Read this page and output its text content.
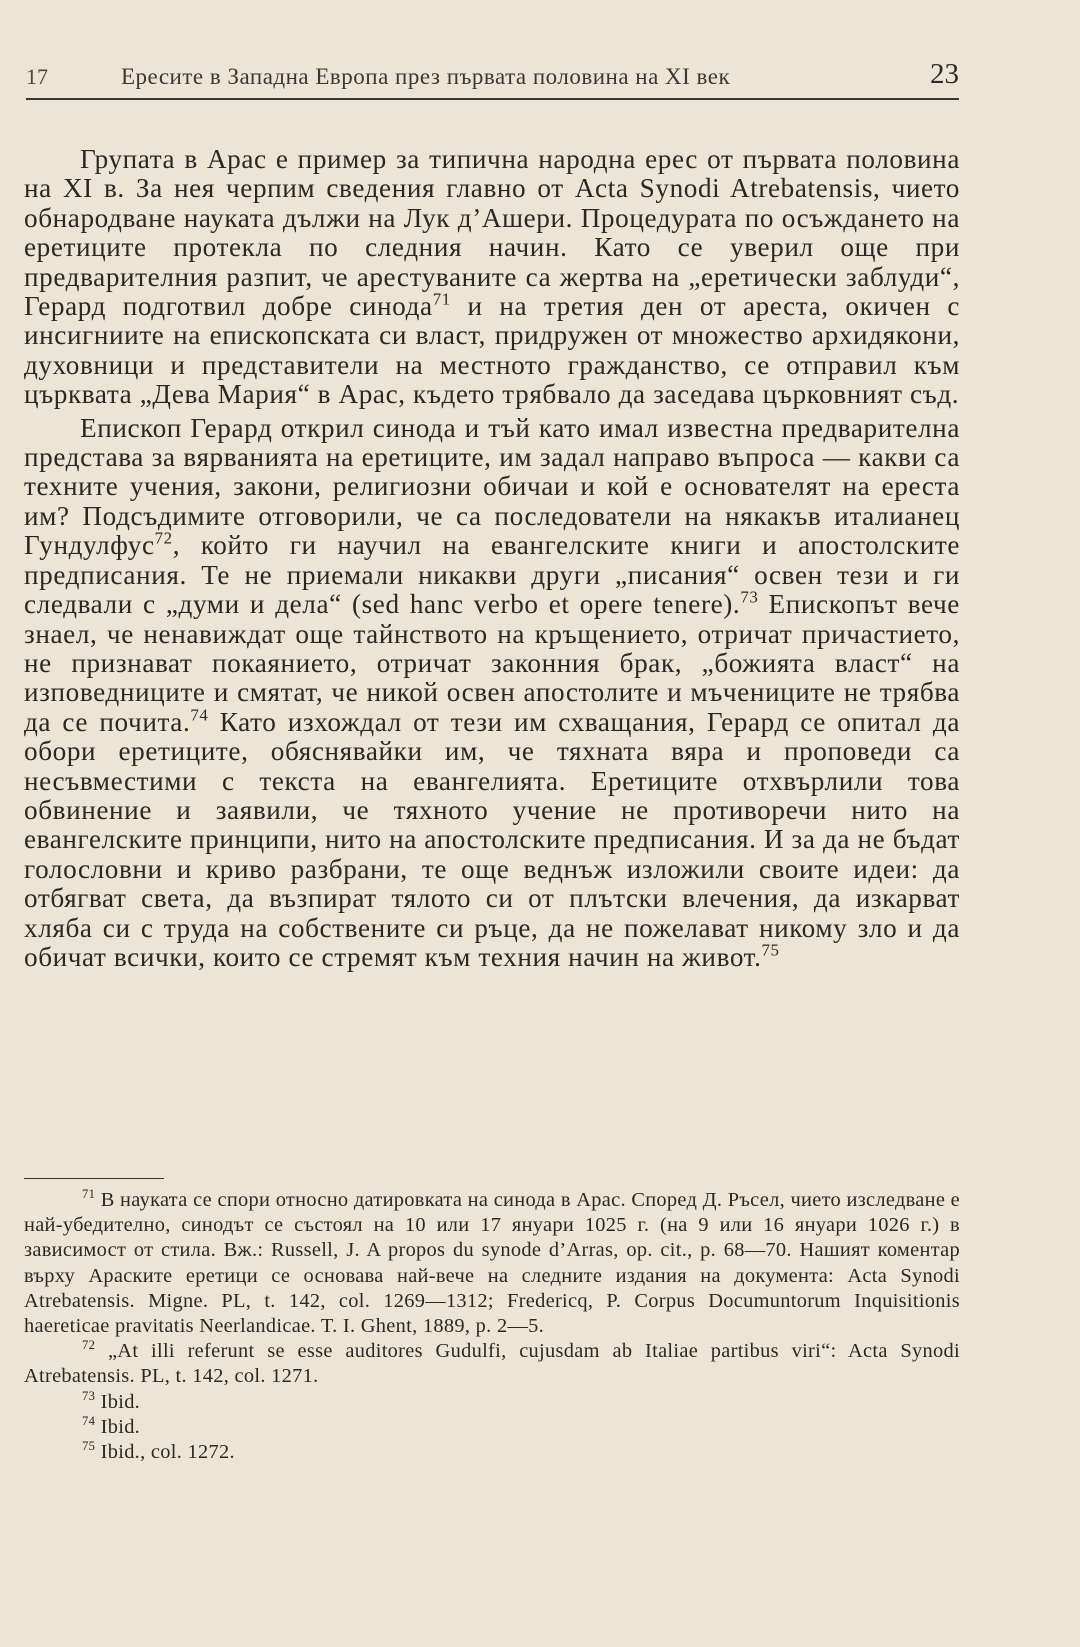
17	Ересите в Западна Европа през първата половина на XI век	23

Групата в Арас е пример за типична народна ерес от първата половина на XI в. За нея черпим сведения главно от Acta Synodi Atrebatensis, чието обнародване науката дължи на Лук д’Ашери. Процедурата по осъждането на еретиците протекла по следния начин. Като се уверил още при предварителния разпит, че арестуваните са жертва на „еретически заблуди“, Герард подготвил добре синода$^{71}$ и на третия ден от ареста, окичен с инсигниите на епископската си власт, придружен от множество архидякони, духовници и представители на местното гражданство, се отправил към църквата „Дева Мария“ в Арас, където трябвало да заседава църковният съд.

Епископ Герард открил синода и тъй като имал известна предварителна представа за вярванията на еретиците, им задал направо въпроса — какви са техните учения, закони, религиозни обичаи и кой е основателят на ереста им? Подсъдимите отговорили, че са последователи на някакъв италианец Гундулфус$^{72}$, който ги научил на евангелските книги и апостолските предписания. Те не приемали никакви други „писания“ освен тези и ги следвали с „думи и дела“ (sed hanc verbo et opere tenere).$^{73}$ Епископът вече знаел, че ненавиждат още тайнството на кръщението, отричат причастието, не признават покаянието, отричат законния брак, „божията власт“ на изповедниците и смятат, че никой освен апостолите и мъчениците не трябва да се почита.$^{74}$ Като изхождал от тези им схващания, Герард се опитал да обори еретиците, обяснявайки им, че тяхната вяра и проповеди са несъвместими с текста на евангелията. Еретиците отхвърлили това обвинение и заявили, че тяхното учение не противоречи нито на евангелските принципи, нито на апостолските предписания. И за да не бъдат голословни и криво разбрани, те още веднъж изложили своите идеи: да отбягват света, да възпират тялото си от плътски влечения, да изкарват хляба си с труда на собствените си ръце, да не пожелават никому зло и да обичат всички, които се стремят към техния начин на живот.$^{75}$

$^{71}$ В науката се спори относно датировката на синода в Арас. Според Д. Ръсел, чието изследване е най-убедително, синодът се състоял на 10 или 17 януари 1025 г. (на 9 или 16 януари 1026 г.) в зависимост от стила. Вж.: Russell, J. A propos du synode d’Arras, op. cit., p. 68—70. Нашият коментар върху Араските еретици се основава най-вече на следните издания на документа: Acta Synodi Atrebatensis. Migne. PL, t. 142, col. 1269—1312; Fredericq, P. Corpus Documuntorum Inquisitionis haereticae pravitatis Neerlandicae. T. I. Ghent, 1889, p. 2—5.

$^{72}$ „At illi referunt se esse auditores Gudulfi, cujusdam ab Italiae partibus viri“: Acta Synodi Atrebatensis. PL, t. 142, col. 1271.

$^{73}$ Ibid.

$^{74}$ Ibid.

$^{75}$ Ibid., col. 1272.
